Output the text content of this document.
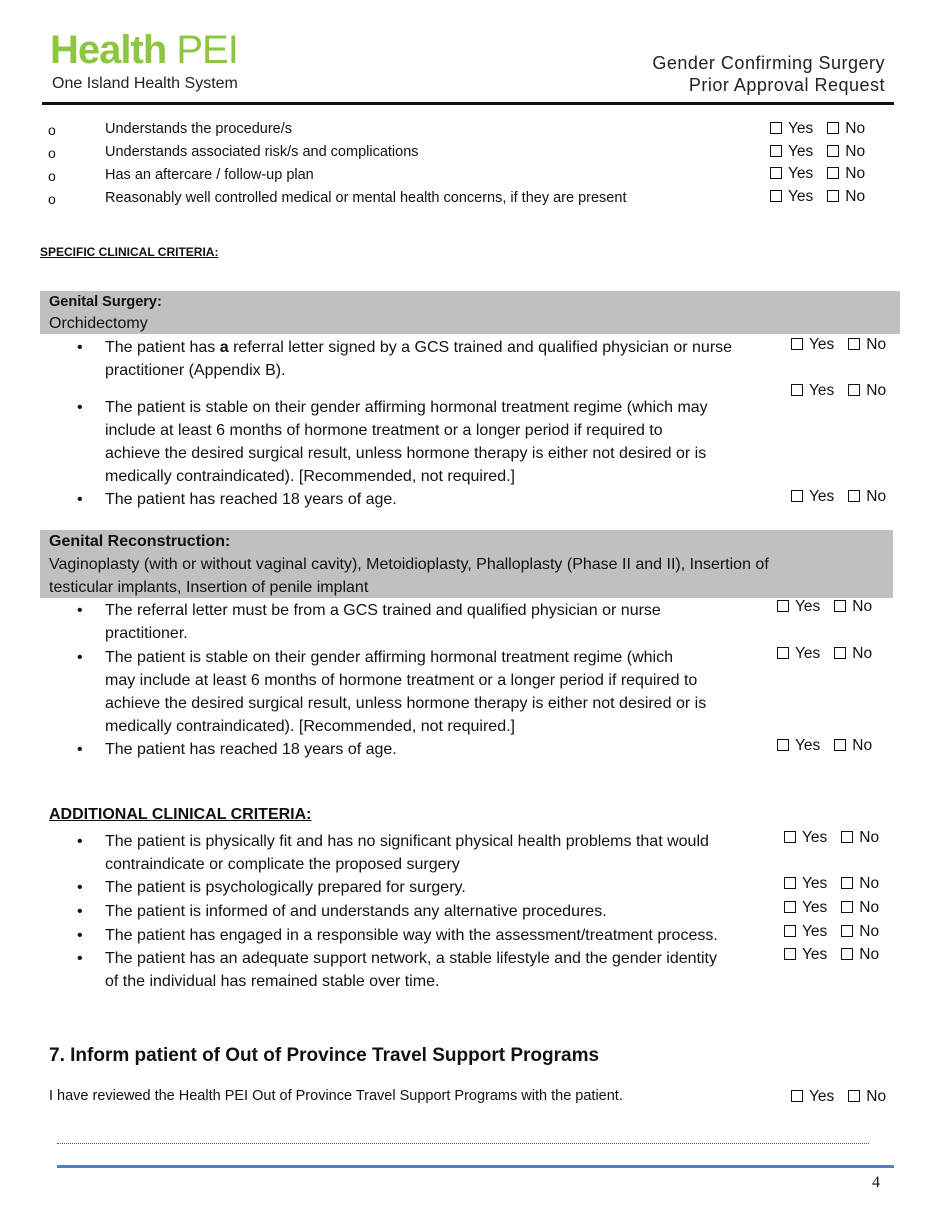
Health PEI
One Island Health System
Gender Confirming Surgery
Prior Approval Request
o	Understands the procedure/s	Yes No
o	Understands associated risk/s and complications	Yes No
o	Has an aftercare / follow-up plan	Yes No
o	Reasonably well controlled medical or mental health concerns, if they are present	Yes No
SPECIFIC CLINICAL CRITERIA:
Genital Surgery:
Orchidectomy
• The patient has a referral letter signed by a GCS trained and qualified physician or nurse
practitioner (Appendix B).
Yes No
• The patient is stable on their gender affirming hormonal treatment regime (which may
include at least 6 months of hormone treatment or a longer period if required to
achieve the desired surgical result, unless hormone therapy is either not desired or is
medically contraindicated). [Recommended, not required.]
Yes No
• The patient has reached 18 years of age.	Yes No
Genital Reconstruction:
Vaginoplasty (with or without vaginal cavity), Metoidioplasty, Phalloplasty (Phase II and II), Insertion of
testicular implants, Insertion of penile implant
• The referral letter must be from a GCS trained and qualified physician or nurse
practitioner.
Yes No
• The patient is stable on their gender affirming hormonal treatment regime (which
may include at least 6 months of hormone treatment or a longer period if required to
achieve the desired surgical result, unless hormone therapy is either not desired or is
medically contraindicated). [Recommended, not required.]
Yes No
• The patient has reached 18 years of age.	Yes No
ADDITIONAL CLINICAL CRITERIA:
• The patient is physically fit and has no significant physical health problems that would
contraindicate or complicate the proposed surgery
Yes No
• The patient is psychologically prepared for surgery.	Yes No
• The patient is informed of and understands any alternative procedures.	Yes No
• The patient has engaged in a responsible way with the assessment/treatment process.	Yes No
• The patient has an adequate support network, a stable lifestyle and the gender identity
of the individual has remained stable over time.
Yes No
7. Inform patient of Out of Province Travel Support Programs
I have reviewed the Health PEI Out of Province Travel Support Programs with the patient.	Yes No
4
